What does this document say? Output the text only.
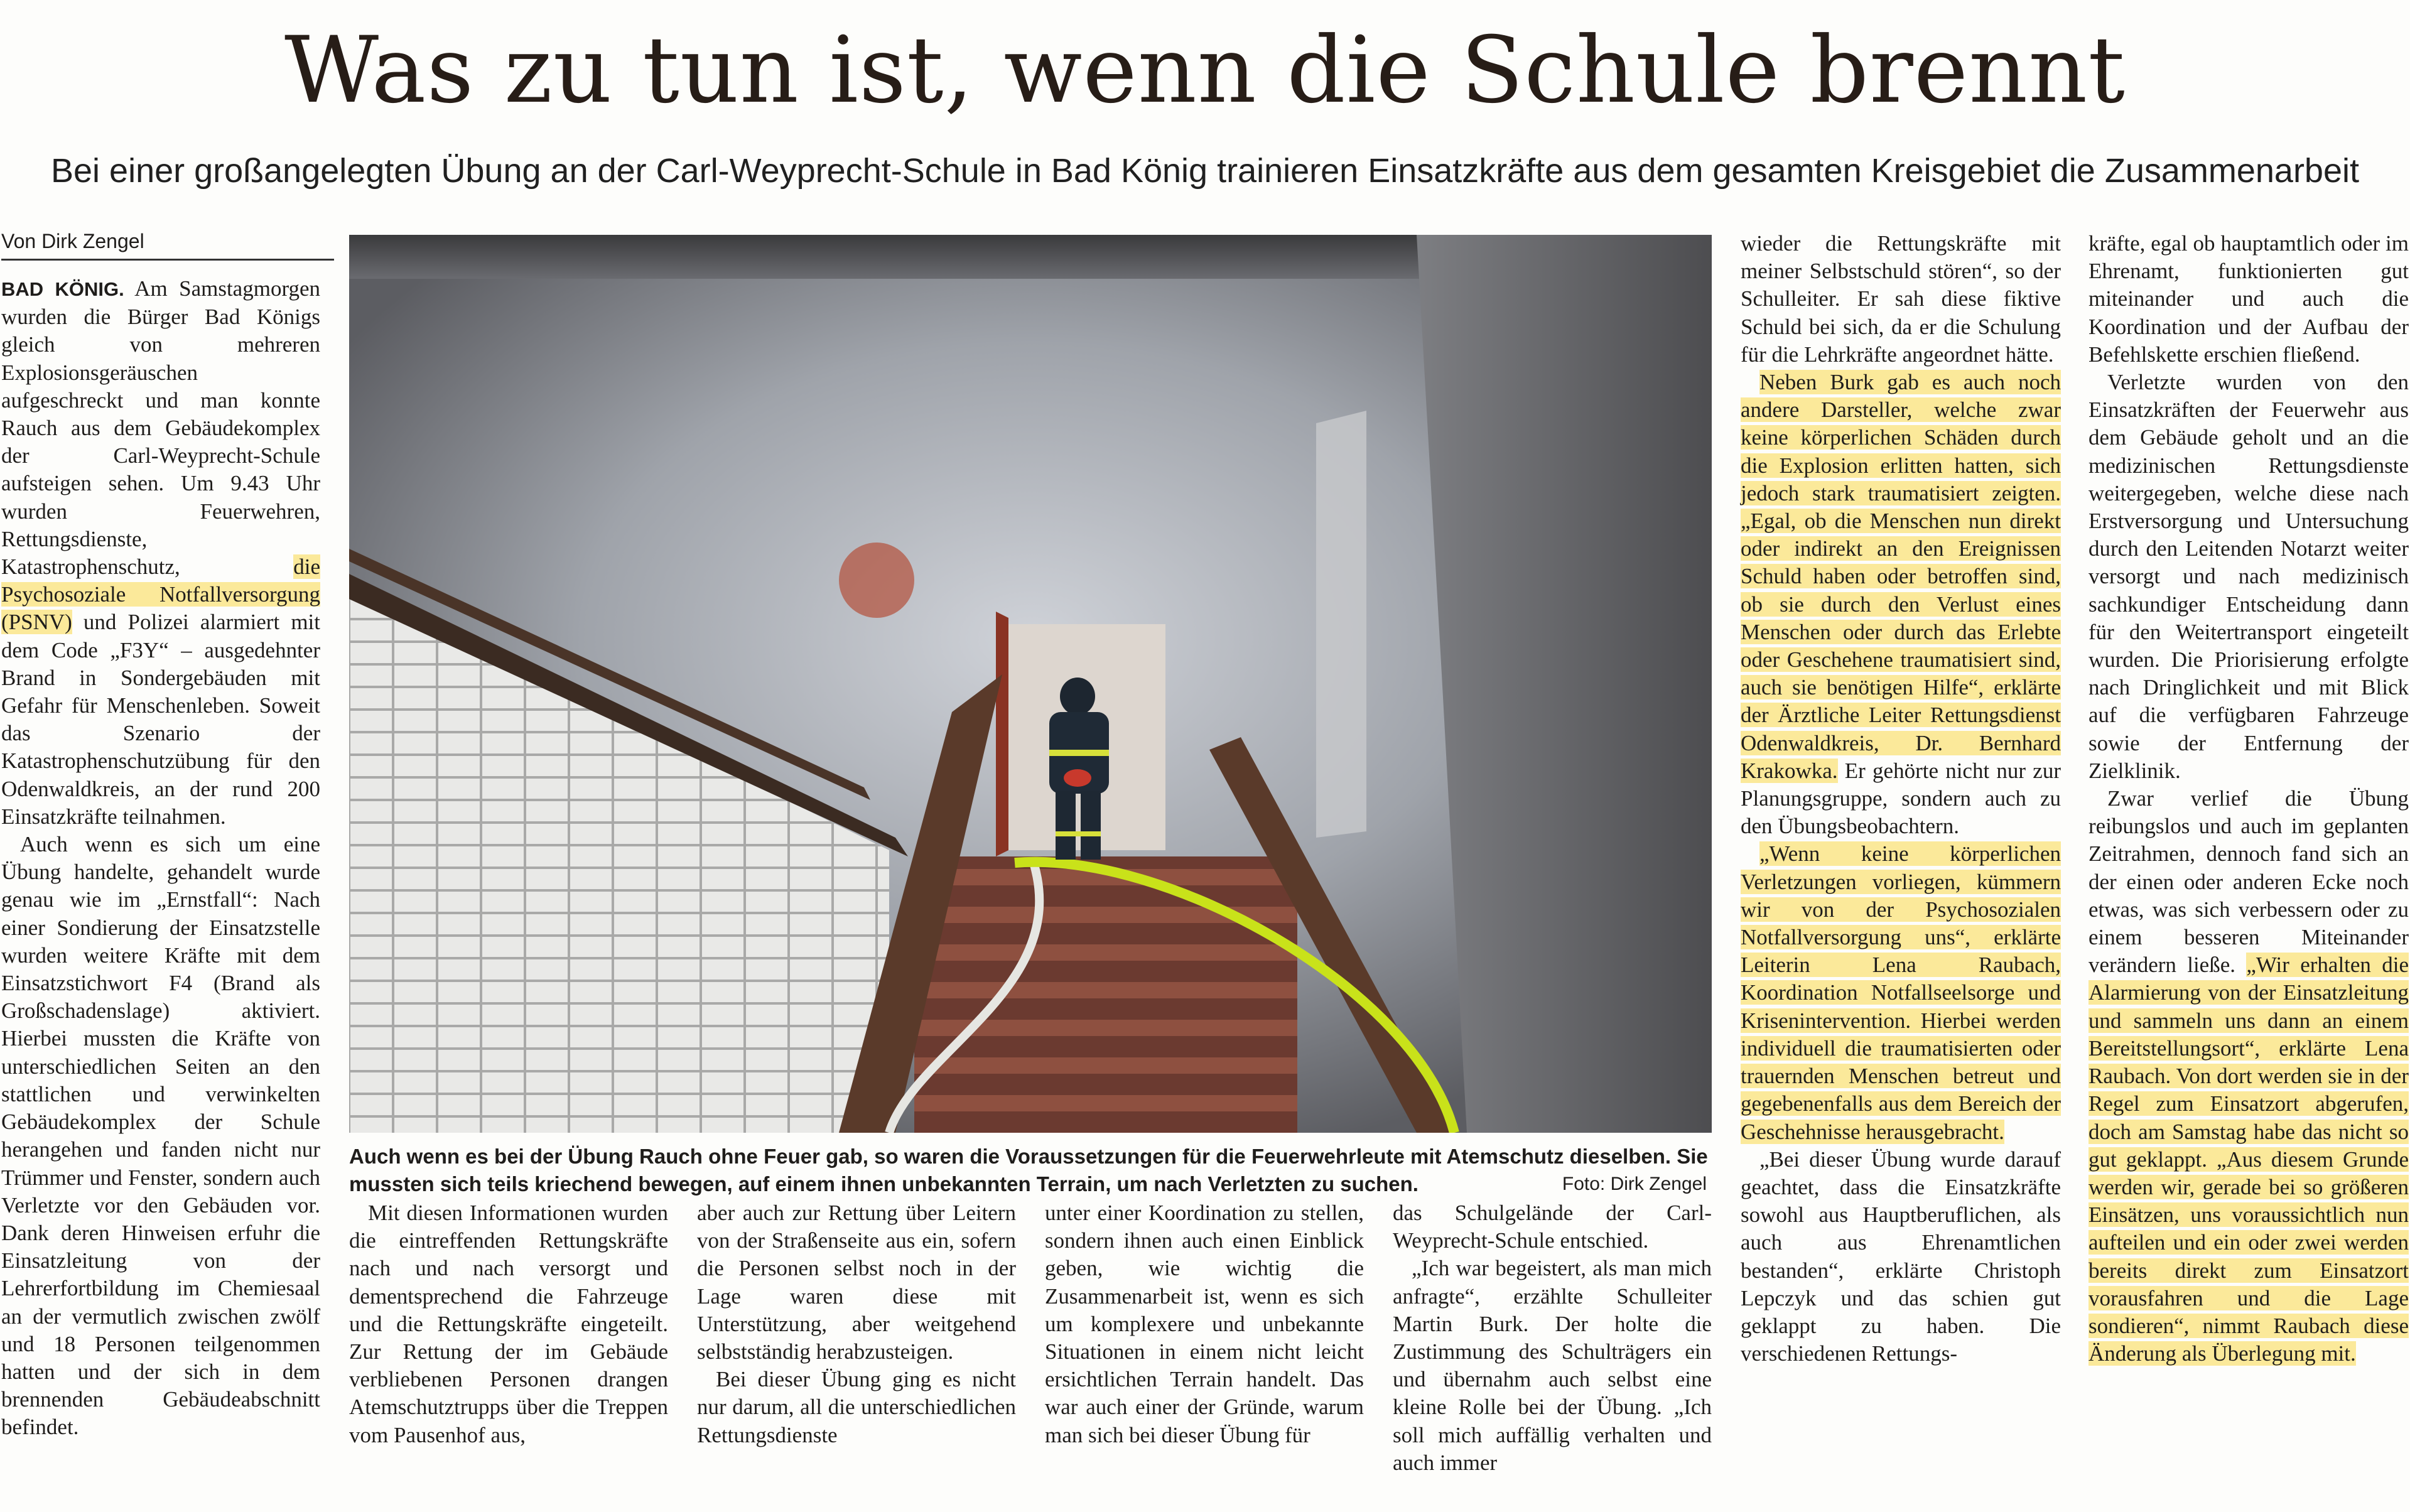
Was zu tun ist, wenn die Schule brennt
Bei einer großangelegten Übung an der Carl-Weyprecht-Schule in Bad König trainieren Einsatzkräfte aus dem gesamten Kreisgebiet die Zusammenarbeit
Von Dirk Zengel

BAD KÖNIG. Am Samstagmorgen wurden die Bürger Bad Königs gleich von mehreren Explosionsgeräuschen aufgeschreckt und man konnte Rauch aus dem Gebäudekomplex der Carl-Weyprecht-Schule aufsteigen sehen. Um 9.43 Uhr wurden Feuerwehren, Rettungsdienste, Katastrophenschutz, die Psychosoziale Notfallversorgung (PSNV) und Polizei alarmiert mit dem Code „F3Y“ – ausgedehnter Brand in Sondergebäuden mit Gefahr für Menschenleben. Soweit das Szenario der Katastrophenschutzübung für den Odenwaldkreis, an der rund 200 Einsatzkräfte teilnahmen.

Auch wenn es sich um eine Übung handelte, gehandelt wurde genau wie im „Ernstfall“: Nach einer Sondierung der Einsatzstelle wurden weitere Kräfte mit dem Einsatzstichwort F4 (Brand als Großschadenslage) aktiviert. Hierbei mussten die Kräfte von unterschiedlichen Seiten an den stattlichen und verwinkelten Gebäudekomplex der Schule herangehen und fanden nicht nur Trümmer und Fenster, sondern auch Verletzte vor den Gebäuden vor. Dank deren Hinweisen erfuhr die Einsatzleitung von der Lehrerfortbildung im Chemiesaal an der vermutlich zwischen zwölf und 18 Personen teilgenommen hatten und der sich in dem brennenden Gebäudeabschnitt befindet.

Auch wenn es bei der Übung Rauch ohne Feuer gab, so waren die Voraussetzungen für die Feuerwehrleute mit Atemschutz dieselben. Sie mussten sich teils kriechend bewegen, auf einem ihnen unbekannten Terrain, um nach Verletzten zu suchen.	Foto: Dirk Zengel

Mit diesen Informationen wurden die eintreffenden Rettungskräfte nach und nach versorgt und dementsprechend die Fahrzeuge und die Rettungskräfte eingeteilt. Zur Rettung der im Gebäude verbliebenen Personen drangen Atemschutztrupps über die Treppen vom Pausenhof aus,

aber auch zur Rettung über Leitern von der Straßenseite aus ein, sofern die Personen selbst noch in der Lage waren diese mit Unterstützung, aber weitgehend selbstständig herabzusteigen.

Bei dieser Übung ging es nicht nur darum, all die unterschiedlichen Rettungsdienste

unter einer Koordination zu stellen, sondern ihnen auch einen Einblick geben, wie wichtig die Zusammenarbeit ist, wenn es sich um komplexere und unbekannte Situationen in einem nicht leicht ersichtlichen Terrain handelt. Das war auch einer der Gründe, warum man sich bei dieser Übung für

das Schulgelände der Carl-Weyprecht-Schule entschied.

„Ich war begeistert, als man mich anfragte“, erzählte Schulleiter Martin Burk. Der holte die Zustimmung des Schulträgers ein und übernahm auch selbst eine kleine Rolle bei der Übung. „Ich soll mich auffällig verhalten und auch immer

wieder die Rettungskräfte mit meiner Selbstschuld stören“, so der Schulleiter. Er sah diese fiktive Schuld bei sich, da er die Schulung für die Lehrkräfte angeordnet hätte.

Neben Burk gab es auch noch andere Darsteller, welche zwar keine körperlichen Schäden durch die Explosion erlitten hatten, sich jedoch stark traumatisiert zeigten. „Egal, ob die Menschen nun direkt oder indirekt an den Ereignissen Schuld haben oder betroffen sind, ob sie durch den Verlust eines Menschen oder durch das Erlebte oder Geschehene traumatisiert sind, auch sie benötigen Hilfe“, erklärte der Ärztliche Leiter Rettungsdienst Odenwaldkreis, Dr. Bernhard Krakowka. Er gehörte nicht nur zur Planungsgruppe, sondern auch zu den Übungsbeobachtern.

„Wenn keine körperlichen Verletzungen vorliegen, kümmern wir von der Psychosozialen Notfallversorgung uns“, erklärte Leiterin Lena Raubach, Koordination Notfallseelsorge und Krisenintervention. Hierbei werden individuell die traumatisierten oder trauernden Menschen betreut und gegebenenfalls aus dem Bereich der Geschehnisse herausgebracht.

„Bei dieser Übung wurde darauf geachtet, dass die Einsatzkräfte sowohl aus Hauptberuflichen, als auch aus Ehrenamtlichen bestanden“, erklärte Christoph Lepczyk und das schien gut geklappt zu haben. Die verschiedenen Rettungs-

kräfte, egal ob hauptamtlich oder im Ehrenamt, funktionierten gut miteinander und auch die Koordination und der Aufbau der Befehlskette erschien fließend.

Verletzte wurden von den Einsatzkräften der Feuerwehr aus dem Gebäude geholt und an die medizinischen Rettungsdienste weitergegeben, welche diese nach Erstversorgung und Untersuchung durch den Leitenden Notarzt weiter versorgt und nach medizinisch sachkundiger Entscheidung dann für den Weitertransport eingeteilt wurden. Die Priorisierung erfolgte nach Dringlichkeit und mit Blick auf die verfügbaren Fahrzeuge sowie der Entfernung der Zielklinik.

Zwar verlief die Übung reibungslos und auch im geplanten Zeitrahmen, dennoch fand sich an der einen oder anderen Ecke noch etwas, was sich verbessern oder zu einem besseren Miteinander verändern ließe. „Wir erhalten die Alarmierung von der Einsatzleitung und sammeln uns dann an einem Bereitstellungsort“, erklärte Lena Raubach. Von dort werden sie in der Regel zum Einsatzort abgerufen, doch am Samstag habe das nicht so gut geklappt. „Aus diesem Grunde werden wir, gerade bei so größeren Einsätzen, uns voraussichtlich nun aufteilen und ein oder zwei werden bereits direkt zum Einsatzort vorausfahren und die Lage sondieren“, nimmt Raubach diese Änderung als Überlegung mit.
